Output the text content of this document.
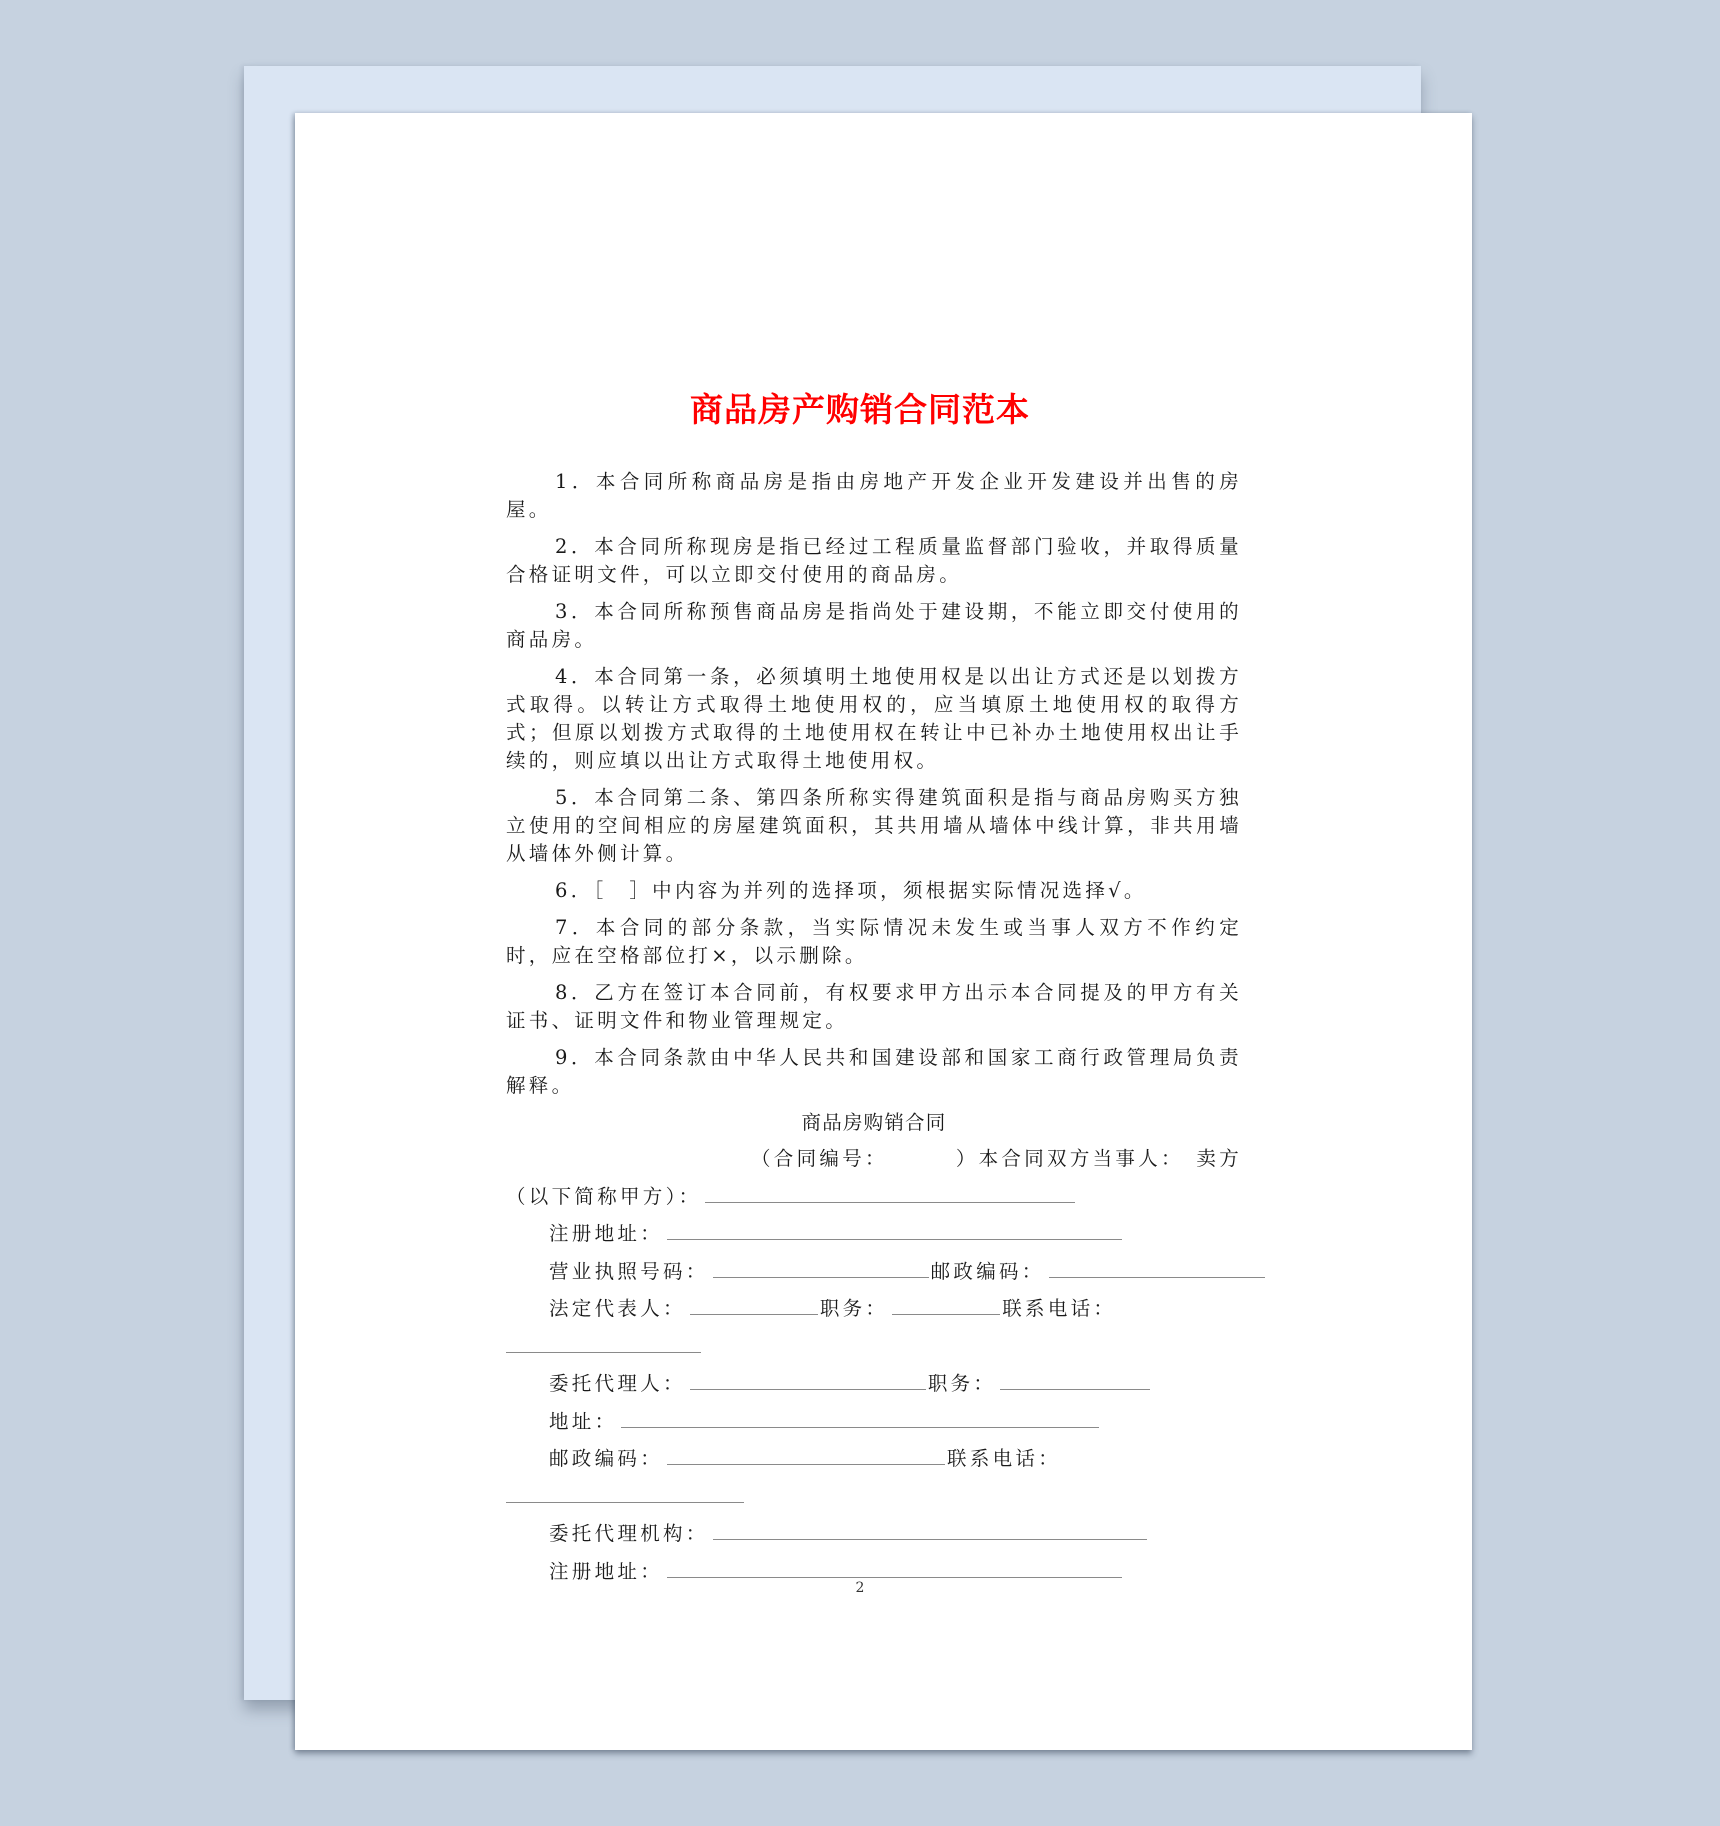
商品房产购销合同范本

1．本合同所称商品房是指由房地产开发企业开发建设并出售的房屋。

2．本合同所称现房是指已经过工程质量监督部门验收，并取得质量合格证明文件，可以立即交付使用的商品房。

3．本合同所称预售商品房是指尚处于建设期，不能立即交付使用的商品房。

4．本合同第一条，必须填明土地使用权是以出让方式还是以划拨方式取得。以转让方式取得土地使用权的，应当填原土地使用权的取得方式；但原以划拨方式取得的土地使用权在转让中已补办土地使用权出让手续的，则应填以出让方式取得土地使用权。

5．本合同第二条、第四条所称实得建筑面积是指与商品房购买方独立使用的空间相应的房屋建筑面积，其共用墙从墙体中线计算，非共用墙从墙体外侧计算。

6．［　］中内容为并列的选择项，须根据实际情况选择√。

7．本合同的部分条款，当实际情况未发生或当事人双方不作约定时，应在空格部位打×，以示删除。

8．乙方在签订本合同前，有权要求甲方出示本合同提及的甲方有关证书、证明文件和物业管理规定。

9．本合同条款由中华人民共和国建设部和国家工商行政管理局负责解释。

商品房购销合同
（合同编号：	）本合同双方当事人： 卖方
（以下简称甲方）：
注册地址：
营业执照号码：	邮政编码：
法定代表人：	职务：	联系电话：
委托代理人：	职务：
地址：
邮政编码：	联系电话：
委托代理机构：
注册地址：
2
